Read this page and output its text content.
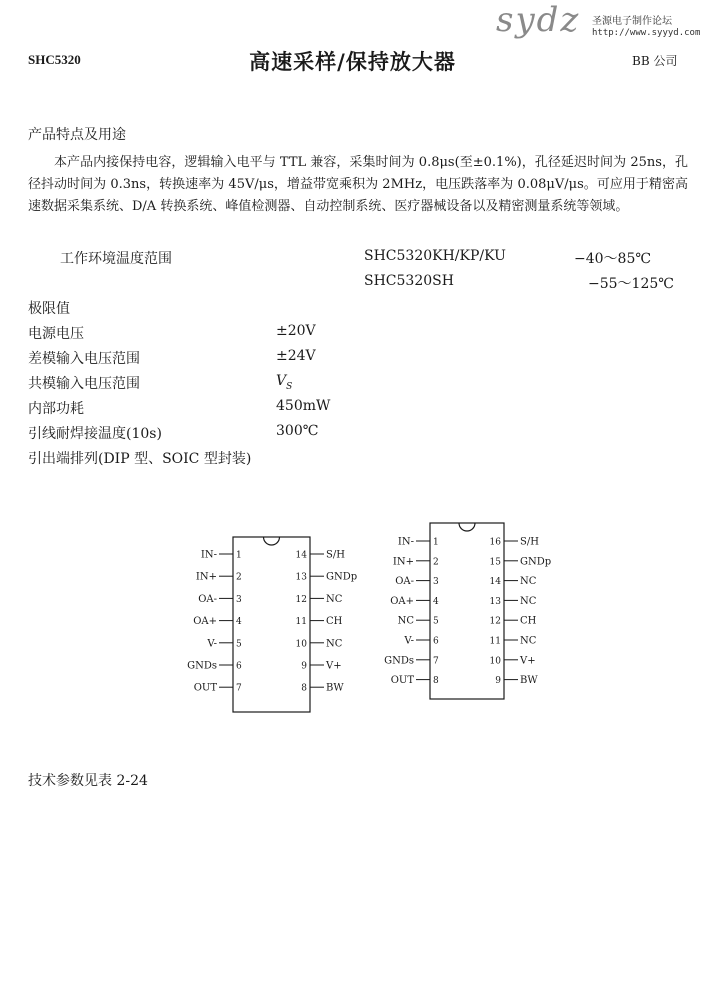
SHC5320	高速采样/保持放大器	BB 公司
sydz 圣源电子制作论坛
http://www.syyyd.com
产品特点及用途
本产品内接保持电容，逻辑输入电平与 TTL 兼容，采集时间为 0.8μs(至±0.1%)，孔径延迟时间为 25ns，孔径抖动时间为 0.3ns，转换速率为 45V/μs，增益带宽乘积为 2MHz，电压跌落率为 0.08μV/μs。可应用于精密高速数据采集系统、D/A 转换系统、峰值检测器、自动控制系统、医疗器械设备以及精密测量系统等领域。
工作环境温度范围	SHC5320KH/KP/KU	−40～85℃
SHC5320SH	−55～125℃
极限值
电源电压	±20V
差模输入电压范围	±24V
共模输入电压范围	$V_S$
内部功耗	450mW
引线耐焊接温度(10s)	300℃
引出端排列(DIP 型、SOIC 型封装)
IN- 1
IN+ 2
OA- 3
OA+ 4
V- 5
GNDs 6
OUT 7
S/H
14
GNDp
13
NC
12
CH
11
NC
10
V+
9
BW
8
IN- 1
IN+ 2
OA- 3
OA+ 4
NC 5
V- 6
GNDs 7
OUT 8
S/H
16
GNDp
15
NC
14
NC
13
CH
12
NC
11
V+
10
BW
9
技术参数见表 2-24
